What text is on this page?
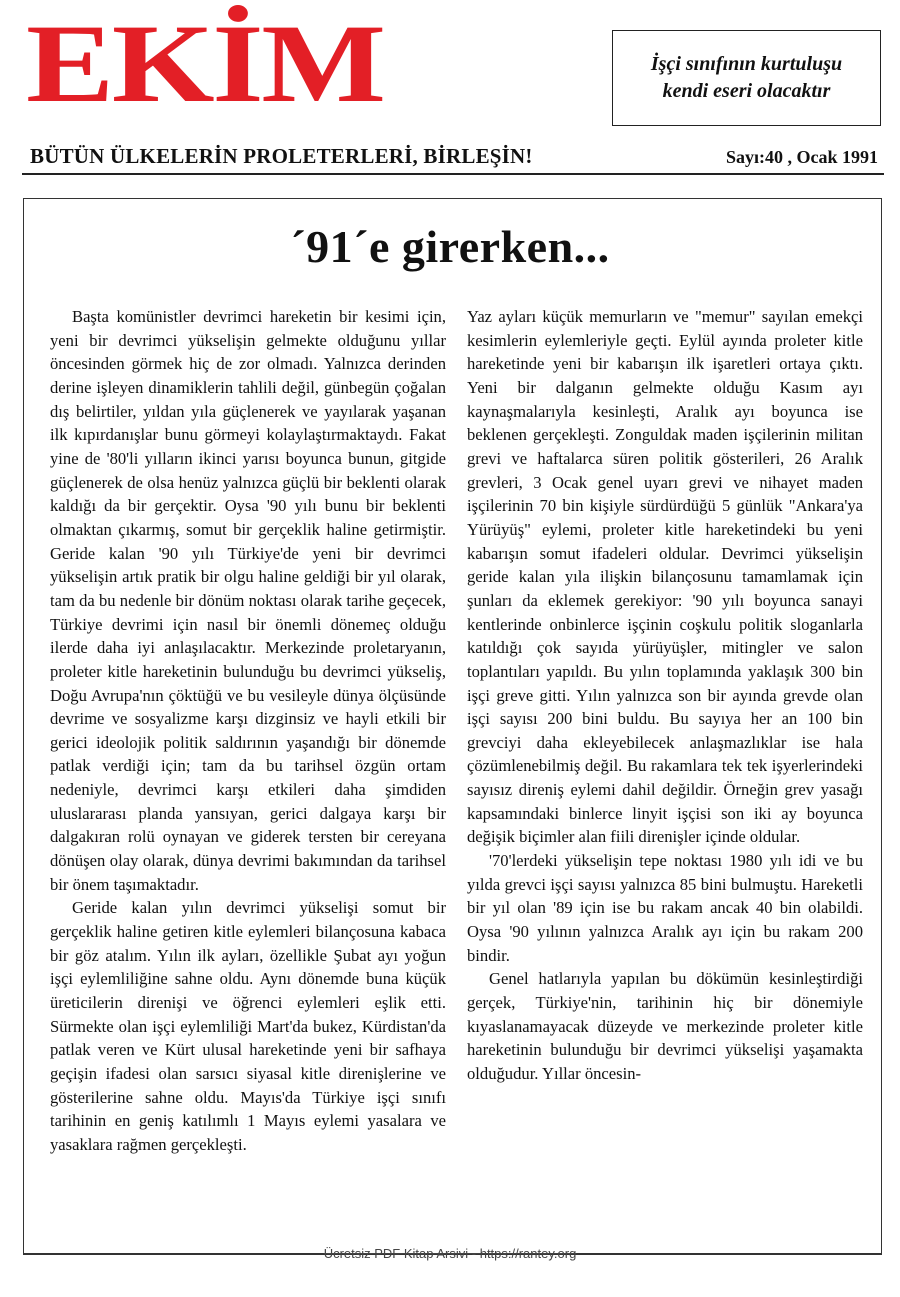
EKİM	İşçi sınıfının kurtuluşu
kendi eseri olacaktır
BÜTÜN ÜLKELERİN PROLETERLERİ, BİRLEŞİN!	Sayı:40 , Ocak 1991
´91´e girerken...

Başta komünistler devrimci hareketin bir kesimi için, yeni bir devrimci yükselişin gelmekte olduğunu yıllar öncesinden görmek hiç de zor olmadı. Yalnızca derinden derine işleyen dinamiklerin tahlili değil, günbegün çoğalan dış belirtiler, yıldan yıla güçlenerek ve yayılarak yaşanan ilk kıpırdanışlar bunu görmeyi kolaylaştırmaktaydı. Fakat yine de '80'li yılların ikinci yarısı boyunca bunun, gitgide güçlenerek de olsa henüz yalnızca güçlü bir beklenti olarak kaldığı da bir gerçektir. Oysa '90 yılı bunu bir beklenti olmaktan çıkarmış, somut bir gerçeklik haline getirmiştir. Geride kalan '90 yılı Türkiye'de yeni bir devrimci yükselişin artık pratik bir olgu haline geldiği bir yıl olarak, tam da bu nedenle bir dönüm noktası olarak tarihe geçecek, Türkiye devrimi için nasıl bir önemli dönemeç olduğu ilerde daha iyi anlaşılacaktır. Merkezinde proletaryanın, proleter kitle hareketinin bulunduğu bu devrimci yükseliş, Doğu Avrupa'nın çöktüğü ve bu vesileyle dünya ölçüsünde devrime ve sosyalizme karşı dizginsiz ve hayli etkili bir gerici ideolojik politik saldırının yaşandığı bir dönemde patlak verdiği için; tam da bu tarihsel özgün ortam nedeniyle, devrimci karşı etkileri daha şimdiden uluslararası planda yansıyan, gerici dalgaya karşı bir dalgakıran rolü oynayan ve giderek tersten bir cereyana dönüşen olay olarak, dünya devrimi bakımından da tarihsel bir önem taşımaktadır.

Geride kalan yılın devrimci yükselişi somut bir gerçeklik haline getiren kitle eylemleri bilançosuna kabaca bir göz atalım. Yılın ilk ayları, özellikle Şubat ayı yoğun işçi eylemliliğine sahne oldu. Aynı dönemde buna küçük üreticilerin direnişi ve öğrenci eylemleri eşlik etti. Sürmekte olan işçi eylemliliği Mart'da bukez, Kürdistan'da patlak veren ve Kürt ulusal hareketinde yeni bir safhaya geçişin ifadesi olan sarsıcı siyasal kitle direnişlerine ve gösterilerine sahne oldu. Mayıs'da Türkiye işçi sınıfı tarihinin en geniş katılımlı 1 Mayıs eylemi yasalara ve yasaklara rağmen gerçekleşti.

Yaz ayları küçük memurların ve "memur" sayılan emekçi kesimlerin eylemleriyle geçti. Eylül ayında proleter kitle hareketinde yeni bir kabarışın ilk işaretleri ortaya çıktı. Yeni bir dalganın gelmekte olduğu Kasım ayı kaynaşmalarıyla kesinleşti, Aralık ayı boyunca ise beklenen gerçekleşti. Zonguldak maden işçilerinin militan grevi ve haftalarca süren politik gösterileri, 26 Aralık grevleri, 3 Ocak genel uyarı grevi ve nihayet maden işçilerinin 70 bin kişiyle sürdürdüğü 5 günlük "Ankara'ya Yürüyüş" eylemi, proleter kitle hareketindeki bu yeni kabarışın somut ifadeleri oldular. Devrimci yükselişin geride kalan yıla ilişkin bilançosunu tamamlamak için şunları da eklemek gerekiyor: '90 yılı boyunca sanayi kentlerinde onbinlerce işçinin coşkulu politik sloganlarla katıldığı çok sayıda yürüyüşler, mitingler ve salon toplantıları yapıldı. Bu yılın toplamında yaklaşık 300 bin işçi greve gitti. Yılın yalnızca son bir ayında grevde olan işçi sayısı 200 bini buldu. Bu sayıya her an 100 bin grevciyi daha ekleyebilecek anlaşmazlıklar ise hala çözümlenebilmiş değil. Bu rakamlara tek tek işyerlerindeki sayısız direniş eylemi dahil değildir. Örneğin grev yasağı kapsamındaki binlerce linyit işçisi son iki ay boyunca değişik biçimler alan fiili direnişler içinde oldular.

'70'lerdeki yükselişin tepe noktası 1980 yılı idi ve bu yılda grevci işçi sayısı yalnızca 85 bini bulmuştu. Hareketli bir yıl olan '89 için ise bu rakam ancak 40 bin olabildi. Oysa '90 yılının yalnızca Aralık ayı için bu rakam 200 bindir.

Genel hatlarıyla yapılan bu dökümün kesinleştirdiği gerçek, Türkiye'nin, tarihinin hiç bir dönemiyle kıyaslanamayacak düzeyde ve merkezinde proleter kitle hareketinin bulunduğu bir devrimci yükselişi yaşamakta olduğudur. Yıllar öncesin-

Ücretsiz PDF Kitap Arsivi - https://rantey.org
